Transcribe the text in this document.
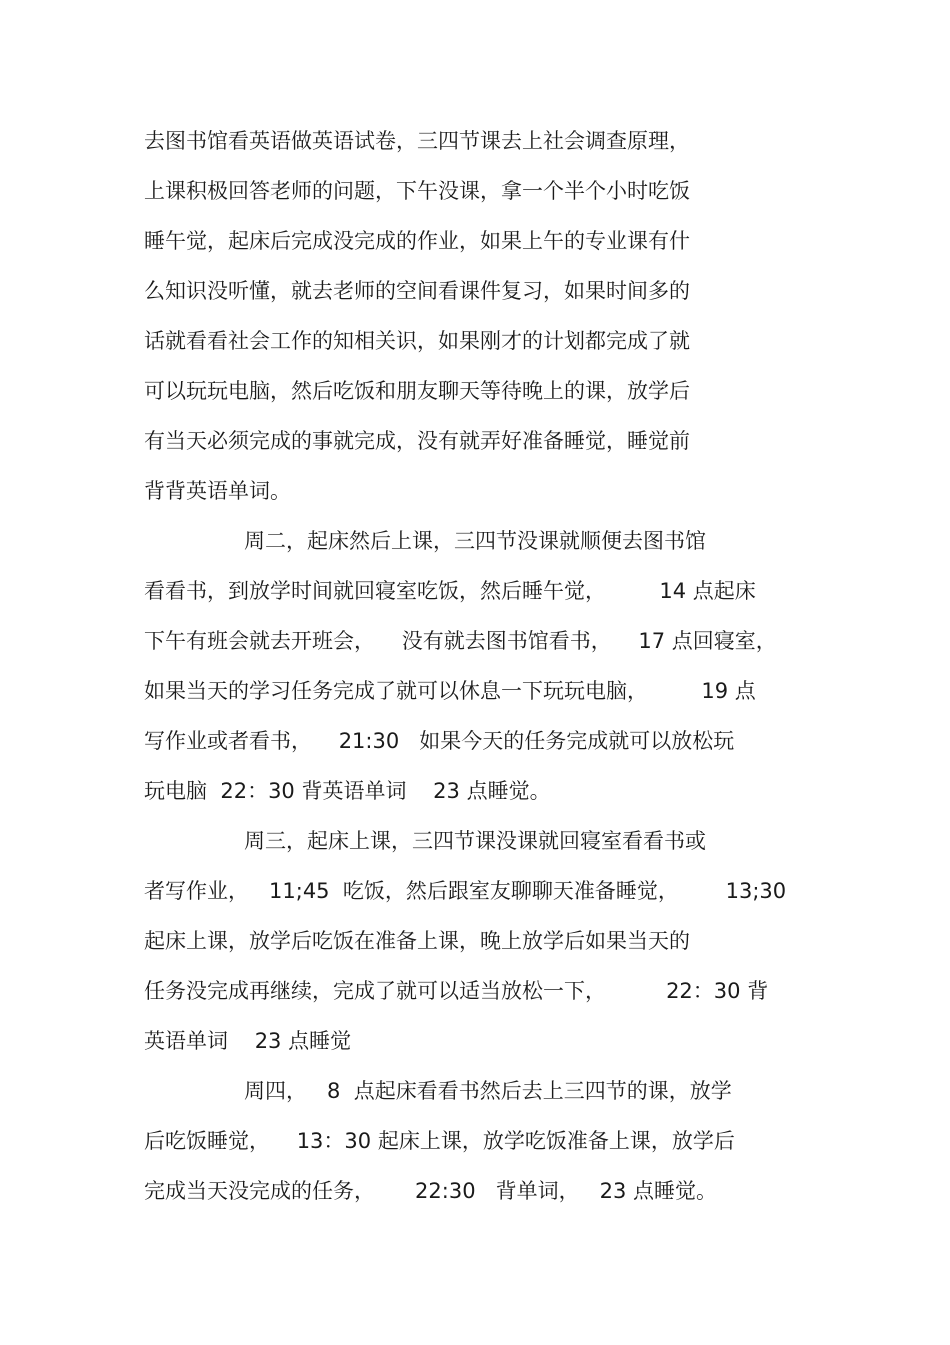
去图书馆看英语做英语试卷，三四节课去上社会调查原理，

上课积极回答老师的问题，下午没课，拿一个半个小时吃饭

睡午觉，起床后完成没完成的作业，如果上午的专业课有什

么知识没听懂，就去老师的空间看课件复习，如果时间多的

话就看看社会工作的知相关识，如果刚才的计划都完成了就

可以玩玩电脑，然后吃饭和朋友聊天等待晚上的课，放学后

有当天必须完成的事就完成，没有就弄好准备睡觉，睡觉前

背背英语单词。

周二，起床然后上课，三四节没课就顺便去图书馆

看看书，到放学时间就回寝室吃饭，然后睡午觉，        14 点起床

下午有班会就去开班会，    没有就去图书馆看书，    17 点回寝室，

如果当天的学习任务完成了就可以休息一下玩玩电脑，        19 点

写作业或者看书，    21:30   如果今天的任务完成就可以放松玩

玩电脑  22：30 背英语单词    23 点睡觉。

周三，起床上课，三四节课没课就回寝室看看书或

者写作业，   11;45  吃饭，然后跟室友聊聊天准备睡觉，       13;30

起床上课，放学后吃饭在准备上课，晚上放学后如果当天的

任务没完成再继续，完成了就可以适当放松一下，         22：30 背

英语单词    23 点睡觉

周四，   8  点起床看看书然后去上三四节的课，放学

后吃饭睡觉，    13：30 起床上课，放学吃饭准备上课，放学后

完成当天没完成的任务，      22:30   背单词，   23 点睡觉。
